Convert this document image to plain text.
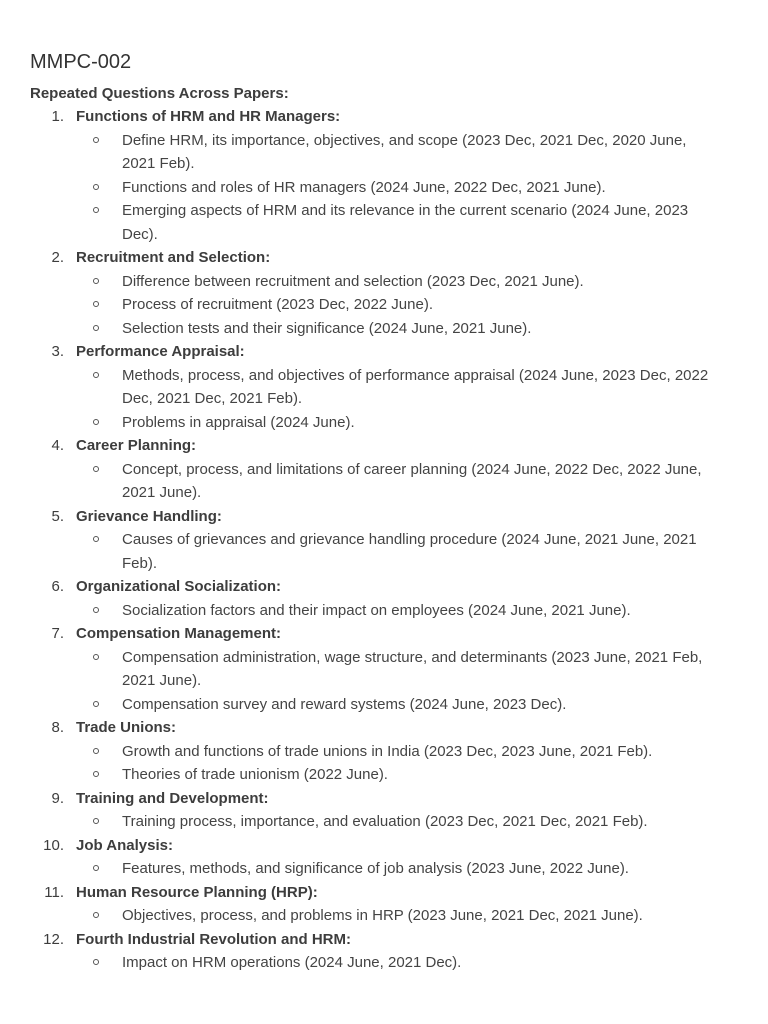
MMPC-002
Repeated Questions Across Papers:
1. Functions of HRM and HR Managers:
Define HRM, its importance, objectives, and scope (2023 Dec, 2021 Dec, 2020 June, 2021 Feb).
Functions and roles of HR managers (2024 June, 2022 Dec, 2021 June).
Emerging aspects of HRM and its relevance in the current scenario (2024 June, 2023 Dec).
2. Recruitment and Selection:
Difference between recruitment and selection (2023 Dec, 2021 June).
Process of recruitment (2023 Dec, 2022 June).
Selection tests and their significance (2024 June, 2021 June).
3. Performance Appraisal:
Methods, process, and objectives of performance appraisal (2024 June, 2023 Dec, 2022 Dec, 2021 Dec, 2021 Feb).
Problems in appraisal (2024 June).
4. Career Planning:
Concept, process, and limitations of career planning (2024 June, 2022 Dec, 2022 June, 2021 June).
5. Grievance Handling:
Causes of grievances and grievance handling procedure (2024 June, 2021 June, 2021 Feb).
6. Organizational Socialization:
Socialization factors and their impact on employees (2024 June, 2021 June).
7. Compensation Management:
Compensation administration, wage structure, and determinants (2023 June, 2021 Feb, 2021 June).
Compensation survey and reward systems (2024 June, 2023 Dec).
8. Trade Unions:
Growth and functions of trade unions in India (2023 Dec, 2023 June, 2021 Feb).
Theories of trade unionism (2022 June).
9. Training and Development:
Training process, importance, and evaluation (2023 Dec, 2021 Dec, 2021 Feb).
10. Job Analysis:
Features, methods, and significance of job analysis (2023 June, 2022 June).
11. Human Resource Planning (HRP):
Objectives, process, and problems in HRP (2023 June, 2021 Dec, 2021 June).
12. Fourth Industrial Revolution and HRM:
Impact on HRM operations (2024 June, 2021 Dec).
